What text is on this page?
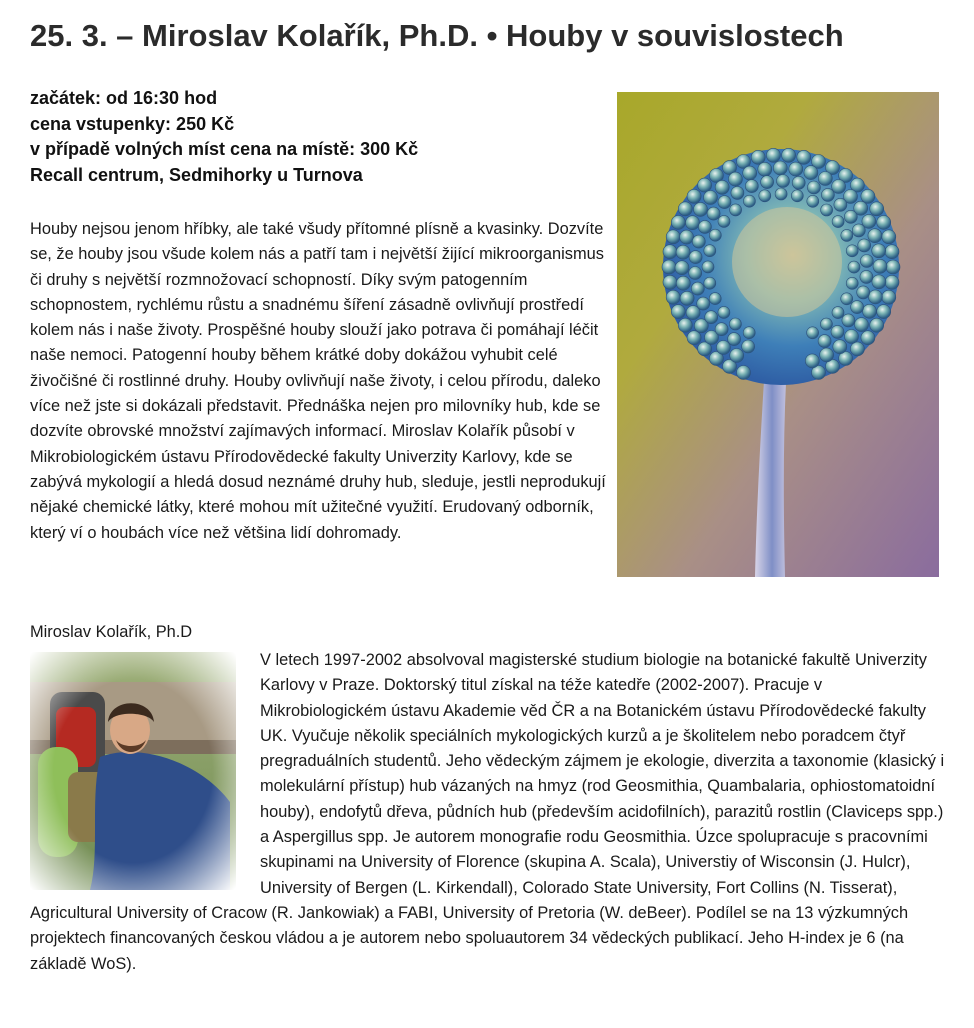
25. 3. – Miroslav Kolařík, Ph.D. • Houby v souvislostech
začátek: od 16:30 hod
cena vstupenky: 250 Kč
v případě volných míst cena na místě: 300 Kč
Recall centrum, Sedmihorky u Turnova

Houby nejsou jenom hříbky, ale také všudy přítomné plísně a kvasinky. Dozvíte se, že houby jsou všude kolem nás a patří tam i největší žijící mikroorganismus či druhy s největší rozmnožovací schopností. Díky svým patogenním schopnostem, rychlému růstu a snadnému šíření zásadně ovlivňují prostředí kolem nás i naše životy. Prospěšné houby slouží jako potrava či pomáhají léčit naše nemoci. Patogenní houby během krátké doby dokážou vyhubit celé živočišné či rostlinné druhy. Houby ovlivňují naše životy, i celou přírodu, daleko více než jste si dokázali představit. Přednáška nejen pro milovníky hub, kde se dozvíte obrovské množství zajímavých informací. Miroslav Kolařík působí v Mikrobiologickém ústavu Přírodovědecké fakulty Univerzity Karlovy, kde se zabývá mykologií a hledá dosud neznámé druhy hub, sleduje, jestli neprodukují nějaké chemické látky, které mohou mít užitečné využití. Erudovaný odborník, který ví o houbách více než většina lidí dohromady.

Miroslav Kolařík, Ph.D
V letech 1997-2002 absolvoval magisterské studium biologie na botanické fakultě Univerzity Karlovy v Praze. Doktorský titul získal na téže katedře (2002-2007). Pracuje v Mikrobiologickém ústavu Akademie věd ČR a na Botanickém ústavu Přírodovědecké fakulty UK. Vyučuje několik speciálních mykologických kurzů a je školitelem nebo poradcem čtyř pregraduálních studentů. Jeho vědeckým zájmem je ekologie, diverzita a taxonomie (klasický i molekulární přístup) hub vázaných na hmyz (rod Geosmithia, Quambalaria, ophiostomatoidní houby), endofytů dřeva, půdních hub (především acidofilních), parazitů rostlin (Claviceps spp.) a Aspergillus spp. Je autorem monografie rodu Geosmithia. Úzce spolupracuje s pracovními skupinami na University of Florence (skupina A. Scala), Universtiy of Wisconsin (J. Hulcr), University of Bergen (L. Kirkendall), Colorado State University, Fort Collins (N. Tisserat), Agricultural University of Cracow (R. Jankowiak) a FABI, University of Pretoria (W. deBeer). Podílel se na 13 výzkumných projektech financovaných českou vládou a je autorem nebo spoluautorem 34 vědeckých publikací. Jeho H-index je 6 (na základě WoS).
